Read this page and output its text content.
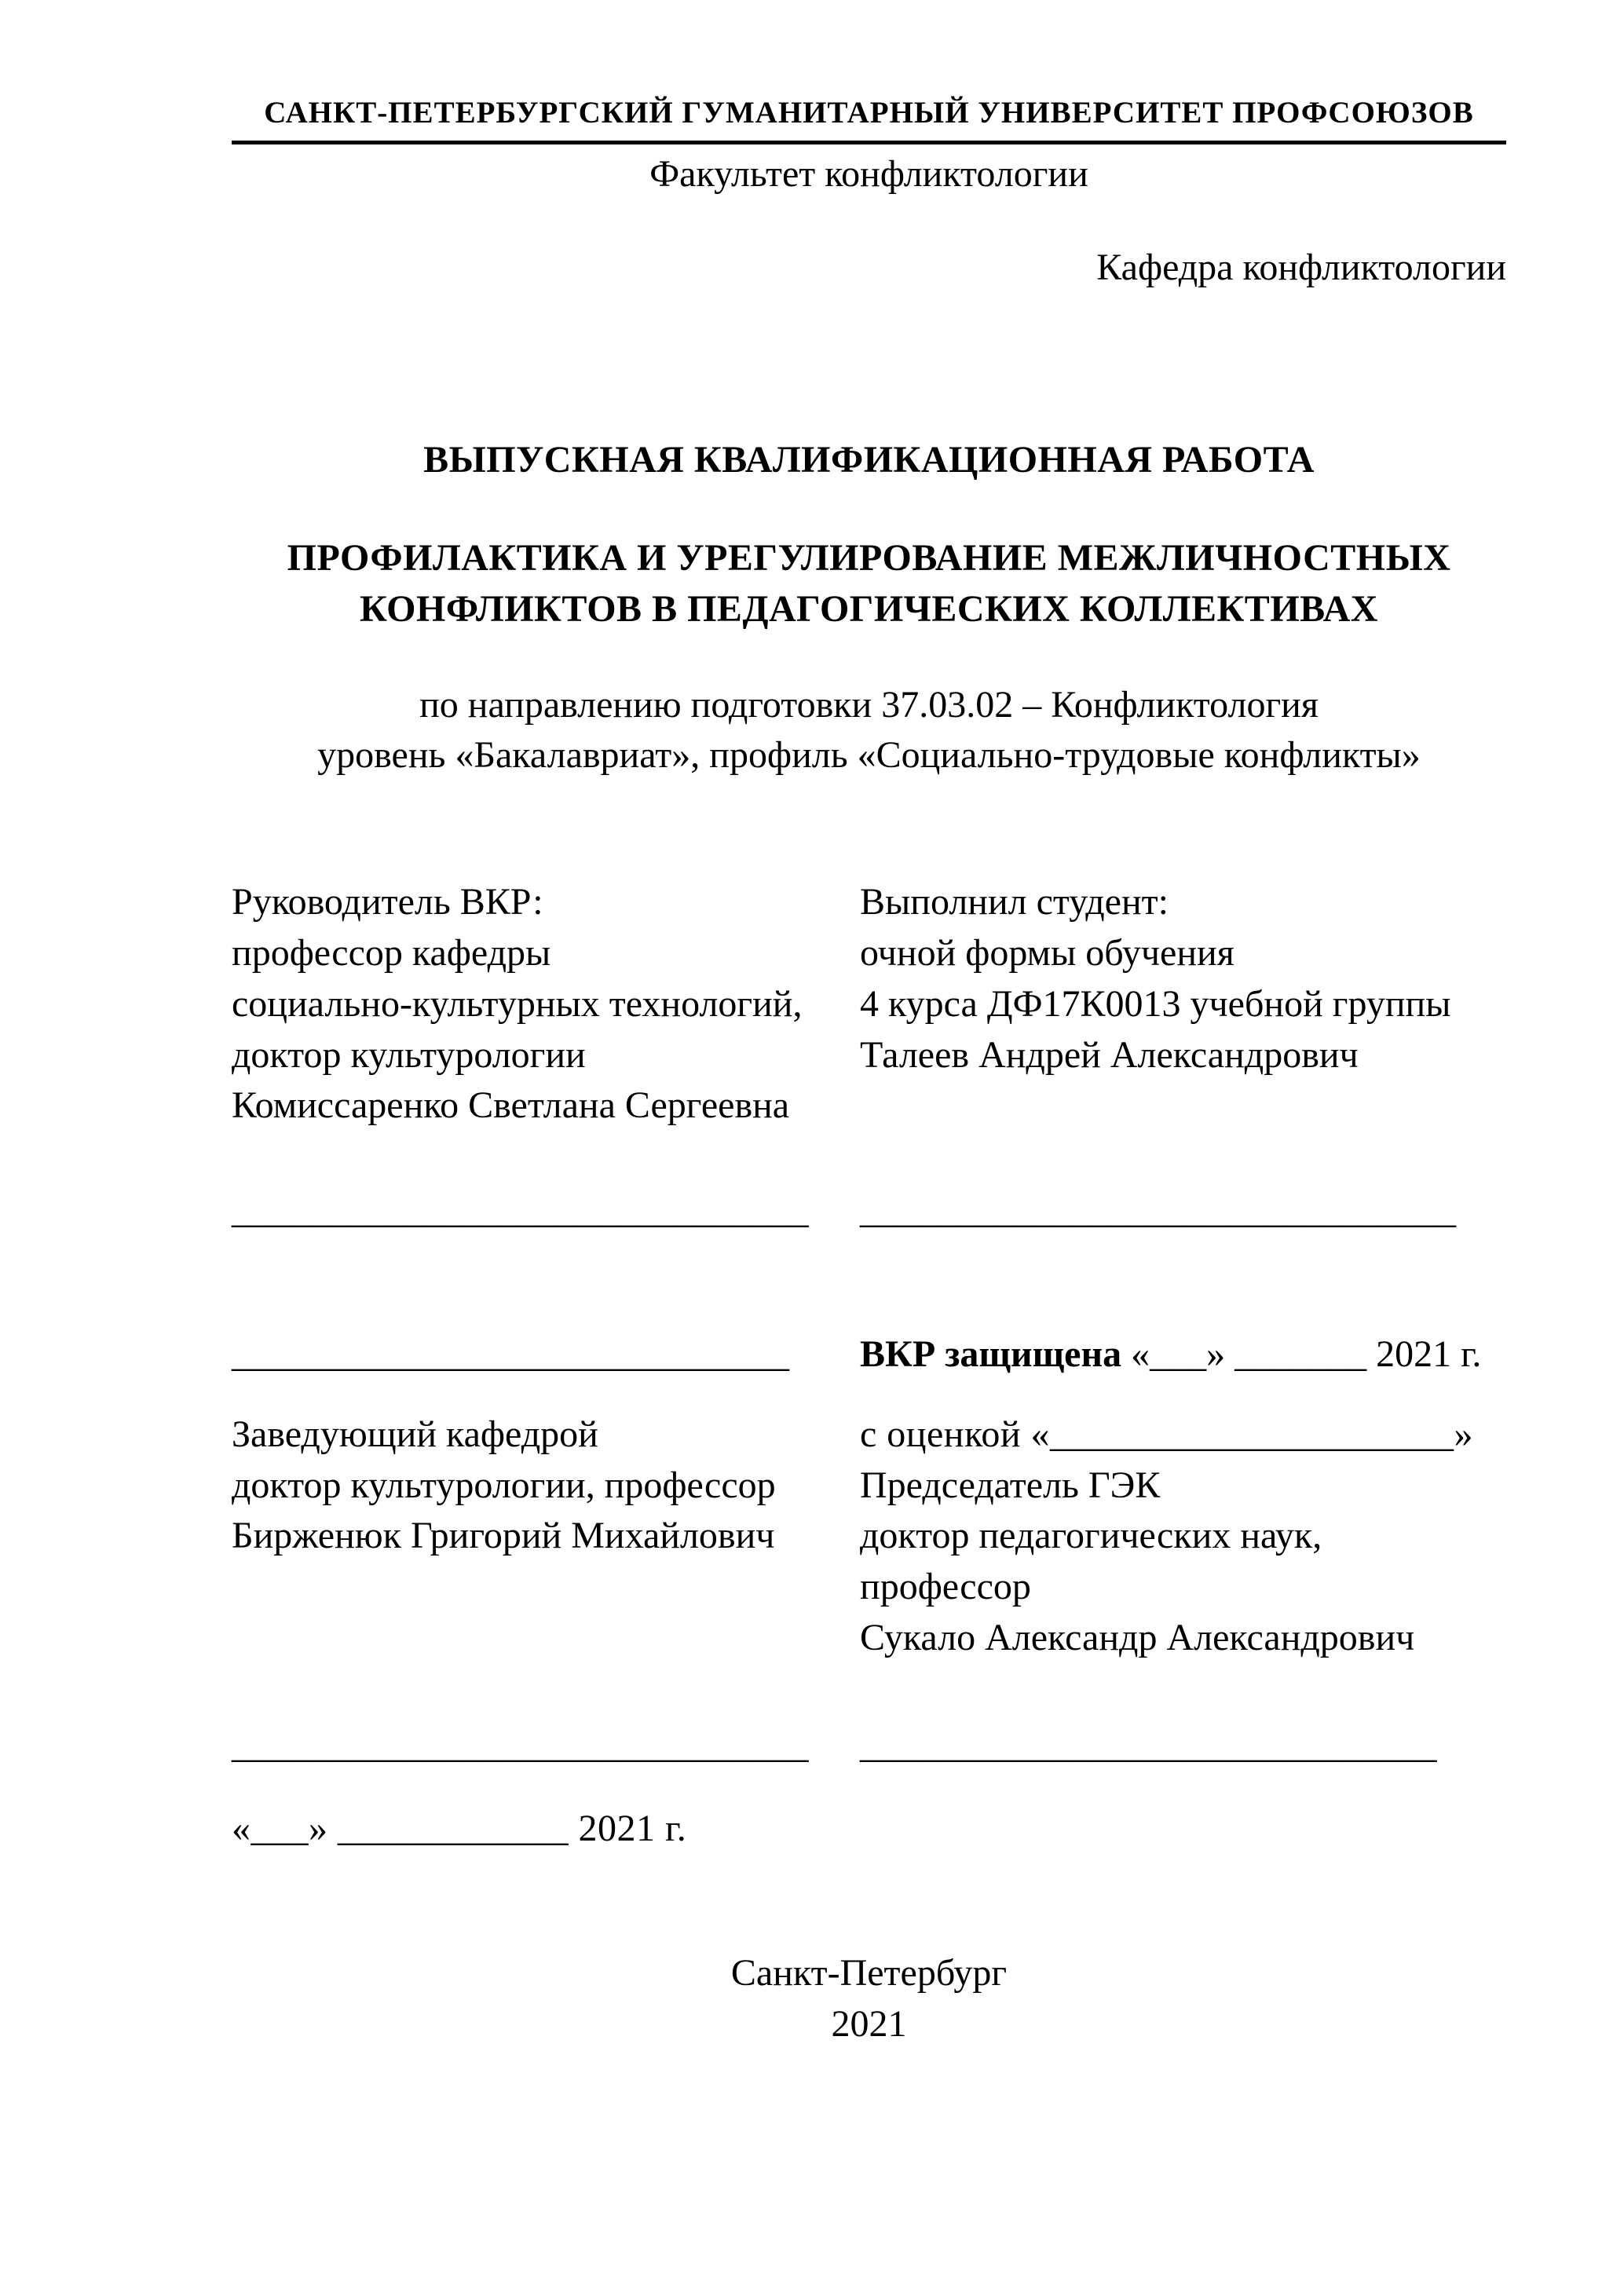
САНКТ-ПЕТЕРБУРГСКИЙ ГУМАНИТАРНЫЙ УНИВЕРСИТЕТ ПРОФСОЮЗОВ
Факультет конфликтологии
Кафедра конфликтологии
ВЫПУСКНАЯ КВАЛИФИКАЦИОННАЯ РАБОТА
ПРОФИЛАКТИКА И УРЕГУЛИРОВАНИЕ МЕЖЛИЧНОСТНЫХ
КОНФЛИКТОВ В ПЕДАГОГИЧЕСКИХ КОЛЛЕКТИВАХ
по направлению подготовки 37.03.02 – Конфликтология
уровень «Бакалавриат», профиль «Социально-трудовые конфликты»
Руководитель ВКР:
профессор кафедры
социально-культурных технологий,
доктор культурологии
Комиссаренко Светлана Сергеевна
Выполнил студент:
очной формы обучения
4 курса ДФ17К0013 учебной группы
Талеев Андрей Александрович
______________________________	_______________________________
_____________________________	ВКР защищена «___» _______ 2021 г.
Заведующий кафедрой
доктор культурологии, профессор
Бирженюк Григорий Михайлович
с оценкой «_____________________»
Председатель ГЭК
доктор педагогических наук,
профессор
Сукало Александр Александрович
______________________________	______________________________
«___» ____________ 2021 г.
Санкт-Петербург
2021
